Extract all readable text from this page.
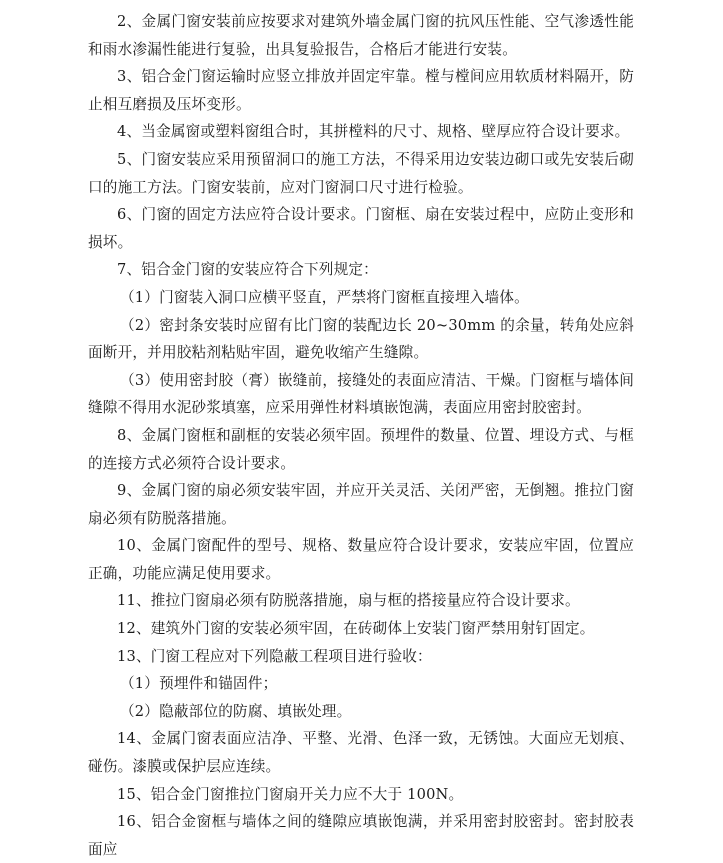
2、金属门窗安装前应按要求对建筑外墙金属门窗的抗风压性能、空气渗透性能和雨水渗漏性能进行复验，出具复验报告，合格后才能进行安装。

3、铝合金门窗运输时应竖立排放并固定牢靠。樘与樘间应用软质材料隔开，防止相互磨损及压坏变形。

4、当金属窗或塑料窗组合时，其拼樘料的尺寸、规格、壁厚应符合设计要求。

5、门窗安装应采用预留洞口的施工方法，不得采用边安装边砌口或先安装后砌口的施工方法。门窗安装前，应对门窗洞口尺寸进行检验。

6、门窗的固定方法应符合设计要求。门窗框、扇在安装过程中，应防止变形和损坏。

7、铝合金门窗的安装应符合下列规定：

（1）门窗装入洞口应横平竖直，严禁将门窗框直接埋入墙体。

（2）密封条安装时应留有比门窗的装配边长 20~30mm 的余量，转角处应斜面断开，并用胶粘剂粘贴牢固，避免收缩产生缝隙。

（3）使用密封胶（膏）嵌缝前，接缝处的表面应清洁、干燥。门窗框与墙体间缝隙不得用水泥砂浆填塞，应采用弹性材料填嵌饱满，表面应用密封胶密封。

8、金属门窗框和副框的安装必须牢固。预埋件的数量、位置、埋设方式、与框的连接方式必须符合设计要求。

9、金属门窗的扇必须安装牢固，并应开关灵活、关闭严密，无倒翘。推拉门窗扇必须有防脱落措施。

10、金属门窗配件的型号、规格、数量应符合设计要求，安装应牢固，位置应正确，功能应满足使用要求。

11、推拉门窗扇必须有防脱落措施，扇与框的搭接量应符合设计要求。

12、建筑外门窗的安装必须牢固，在砖砌体上安装门窗严禁用射钉固定。

13、门窗工程应对下列隐蔽工程项目进行验收：

（1）预埋件和锚固件；

（2）隐蔽部位的防腐、填嵌处理。

14、金属门窗表面应洁净、平整、光滑、色泽一致，无锈蚀。大面应无划痕、碰伤。漆膜或保护层应连续。

15、铝合金门窗推拉门窗扇开关力应不大于 100N。

16、铝合金窗框与墙体之间的缝隙应填嵌饱满，并采用密封胶密封。密封胶表面应
